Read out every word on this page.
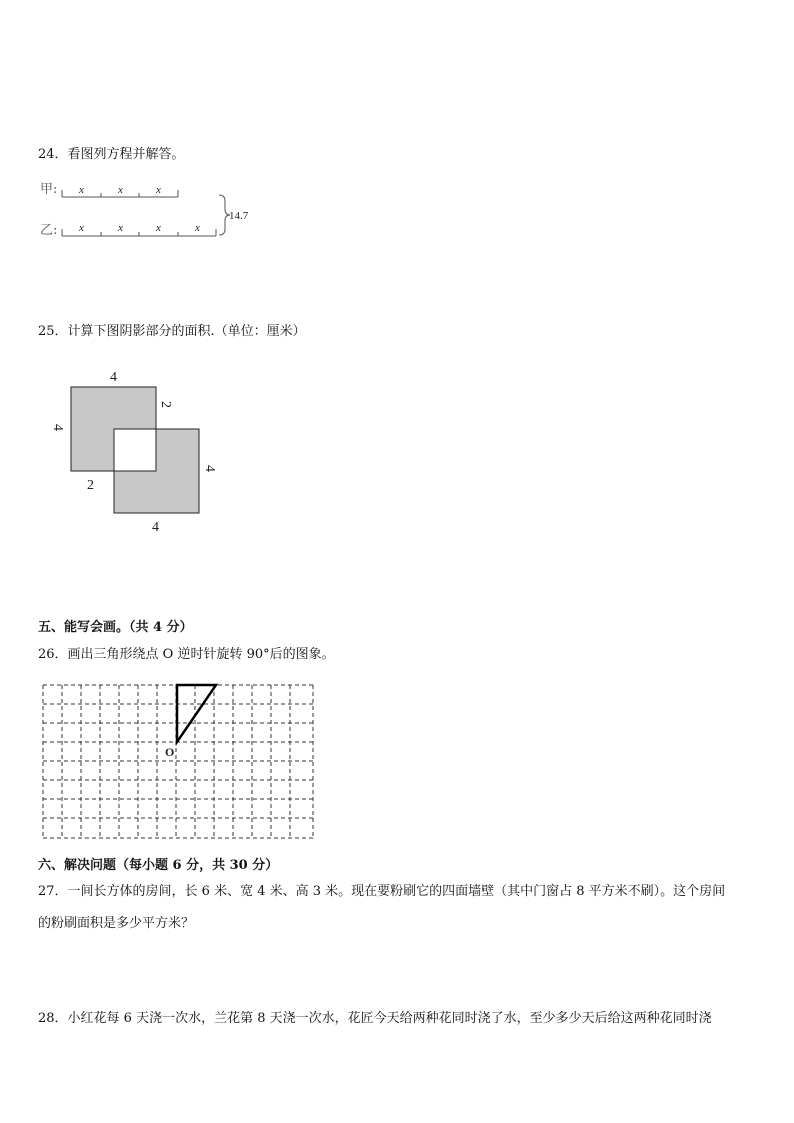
24．看图列方程并解答。
甲:
乙:
x	x	x
x	x	x	x
14.7
25．计算下图阴影部分的面积.（单位：厘米）
4
4
2
4
2
4
五、能写会画。（共 4 分）
26．画出三角形绕点 O 逆时针旋转 90°后的图象。
O
六、解决问题（每小题 6 分，共 30 分）
27．一间长方体的房间，长 6 米、宽 4 米、高 3 米。现在要粉刷它的四面墙壁（其中门窗占 8 平方米不刷）。这个房间
的粉刷面积是多少平方米？
28．小红花每 6 天浇一次水，兰花第 8 天浇一次水，花匠今天给两种花同时浇了水，至少多少天后给这两种花同时浇
